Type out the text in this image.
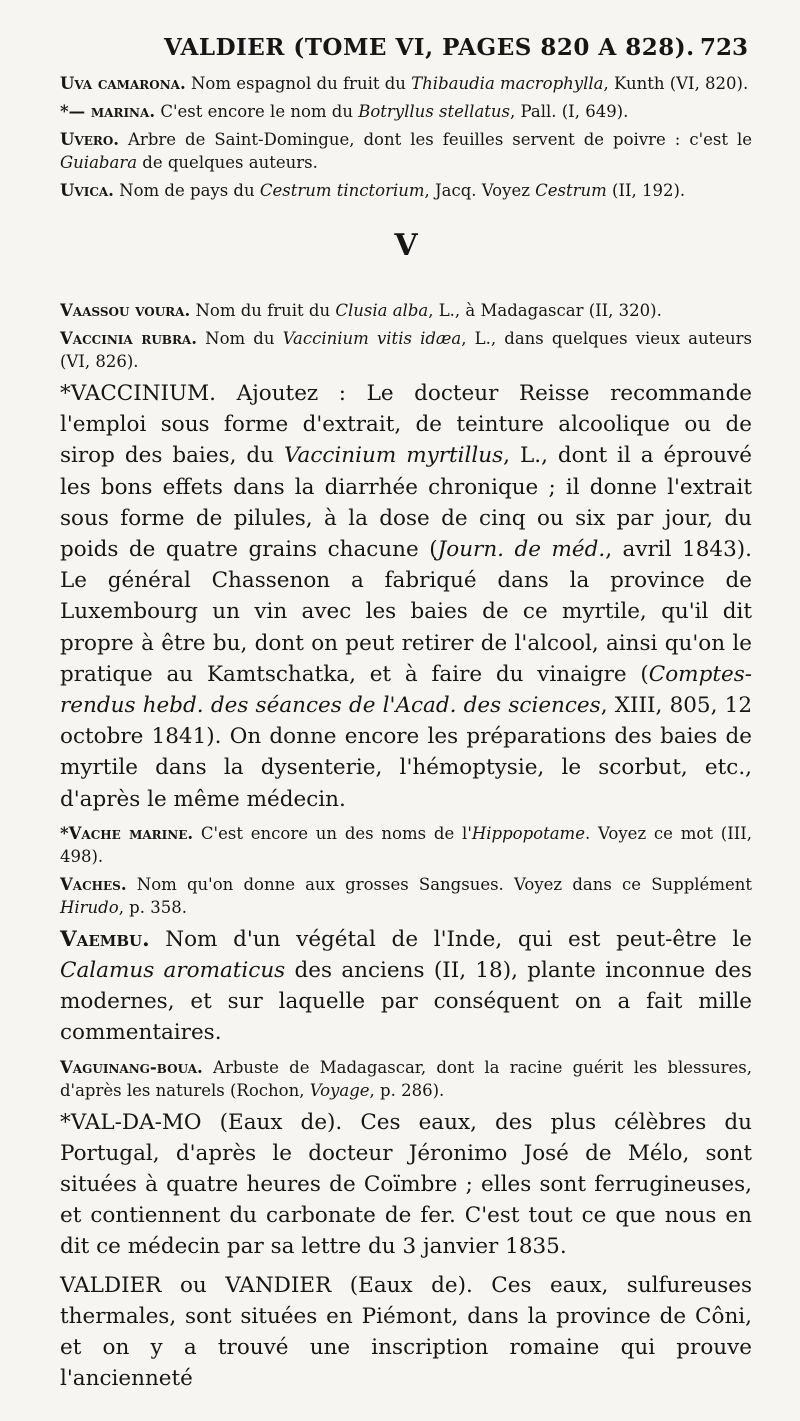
VALDIER (TOME VI, PAGES 820 A 828). 723

Uva camarona. Nom espagnol du fruit du Thibaudia macrophylla, Kunth (VI, 820).

*— marina. C'est encore le nom du Botryllus stellatus, Pall. (I, 649).

Uvero. Arbre de Saint-Domingue, dont les feuilles servent de poivre : c'est le Guiabara de quelques auteurs.

Uvica. Nom de pays du Cestrum tinctorium, Jacq. Voyez Cestrum (II, 192).

V

Vaassou voura. Nom du fruit du Clusia alba, L., à Madagascar (II, 320).

Vaccinia rubra. Nom du Vaccinium vitis idæa, L., dans quelques vieux auteurs (VI, 826).

*VACCINIUM. Ajoutez : Le docteur Reisse recommande l'emploi sous forme d'extrait, de teinture alcoolique ou de sirop des baies, du Vaccinium myrtillus, L., dont il a éprouvé les bons effets dans la diarrhée chronique ; il donne l'extrait sous forme de pilules, à la dose de cinq ou six par jour, du poids de quatre grains chacune (Journ. de méd., avril 1843). Le général Chassenon a fabriqué dans la province de Luxembourg un vin avec les baies de ce myrtile, qu'il dit propre à être bu, dont on peut retirer de l'alcool, ainsi qu'on le pratique au Kamtschatka, et à faire du vinaigre (Comptes-rendus hebd. des séances de l'Acad. des sciences, XIII, 805, 12 octobre 1841). On donne encore les préparations des baies de myrtile dans la dysenterie, l'hémoptysie, le scorbut, etc., d'après le même médecin.

*Vache marine. C'est encore un des noms de l'Hippopotame. Voyez ce mot (III, 498).

Vaches. Nom qu'on donne aux grosses Sangsues. Voyez dans ce Supplément Hirudo, p. 358.

Vaembu. Nom d'un végétal de l'Inde, qui est peut-être le Calamus aromaticus des anciens (II, 18), plante inconnue des modernes, et sur laquelle par conséquent on a fait mille commentaires.

Vaguinang-boua. Arbuste de Madagascar, dont la racine guérit les blessures, d'après les naturels (Rochon, Voyage, p. 286).

*VAL-DA-MO (Eaux de). Ces eaux, des plus célèbres du Portugal, d'après le docteur Jéronimo José de Mélo, sont situées à quatre heures de Coïmbre ; elles sont ferrugineuses, et contiennent du carbonate de fer. C'est tout ce que nous en dit ce médecin par sa lettre du 3 janvier 1835.

VALDIER ou VANDIER (Eaux de). Ces eaux, sulfureuses thermales, sont situées en Piémont, dans la province de Côni, et on y a trouvé une inscription romaine qui prouve l'ancienneté
